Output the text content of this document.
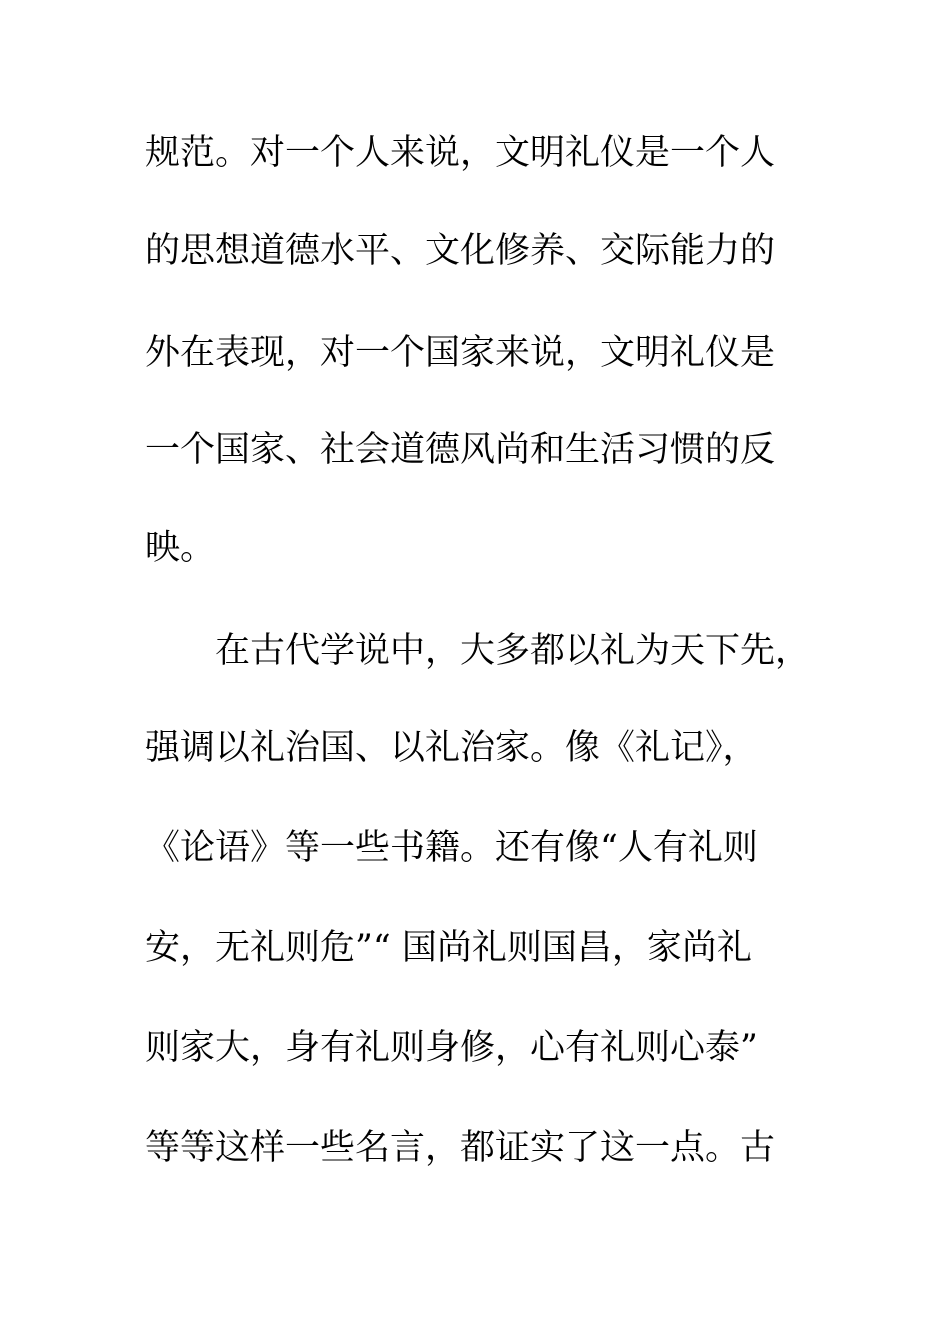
规范。对一个人来说，文明礼仪是一个人
的思想道德水平、文化修养、交际能力的
外在表现，对一个国家来说，文明礼仪是
一个国家、社会道德风尚和生活习惯的反
映。
在古代学说中，大多都以礼为天下先，
强调以礼治国、以礼治家。像《礼记》，
《论语》等一些书籍。还有像“人有礼则
安，无礼则危”“ 国尚礼则国昌，家尚礼
则家大，身有礼则身修，心有礼则心泰”
等等这样一些名言，都证实了这一点。古
